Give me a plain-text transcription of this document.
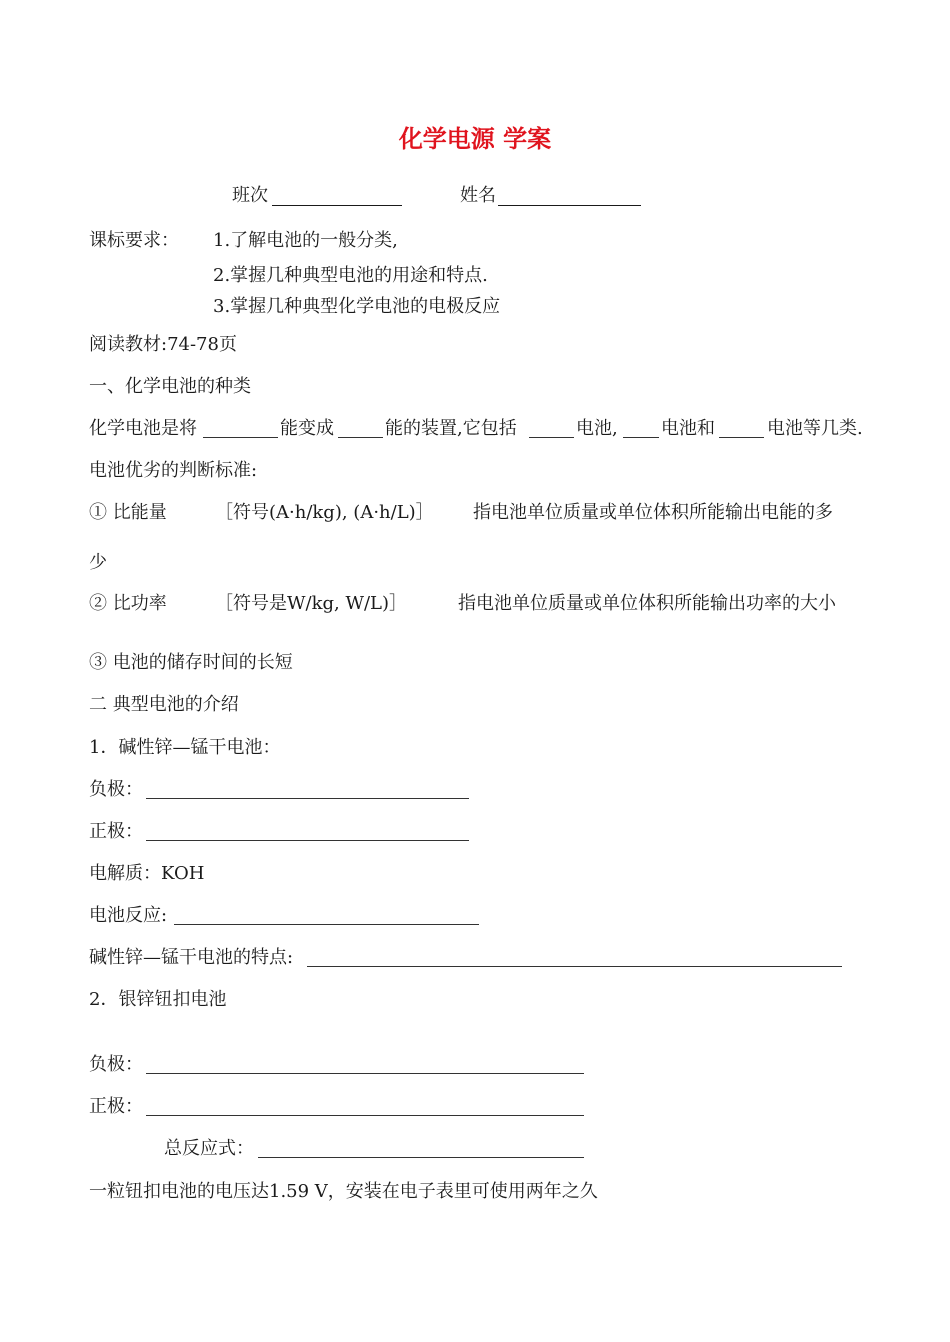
化学电源 学案
班次	姓名
课标要求： 1.了解电池的一般分类,
2.掌握几种典型电池的用途和特点.
3.掌握几种典型化学电池的电极反应
阅读教材:74-78页
一、化学电池的种类
化学电池是将	能变成	能的装置,它包括	电池, 电池和	电池等几类.
电池优劣的判断标准:
① 比能量	［符号(A·h/kg), (A·h/L)］ 指电池单位质量或单位体积所能输出电能的多
少
② 比功率	［符号是W/kg, W/L)］	指电池单位质量或单位体积所能输出功率的大小
③ 电池的储存时间的长短
二 典型电池的介绍
1．碱性锌—锰干电池：
负极：
正极：
电解质：KOH
电池反应:
碱性锌—锰干电池的特点:
2．银锌钮扣电池
负极：
正极：
总反应式：
一粒钮扣电池的电压达1.59 V，安装在电子表里可使用两年之久
